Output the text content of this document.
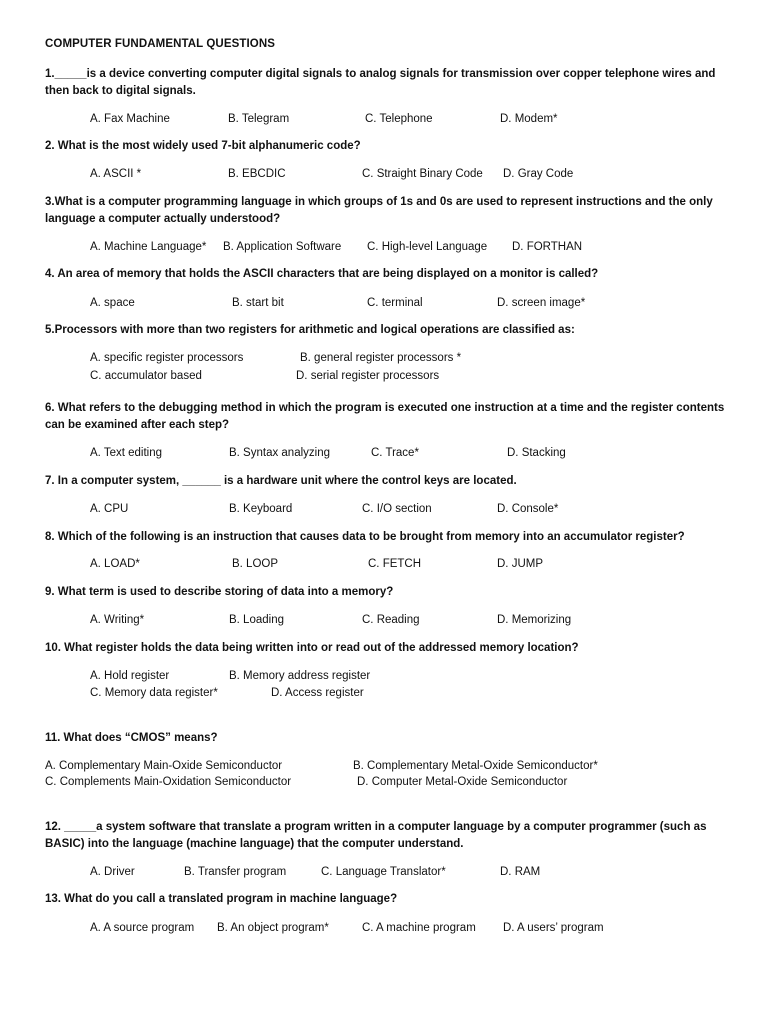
COMPUTER FUNDAMENTAL QUESTIONS
1._____is a device converting computer digital signals to analog signals for transmission over copper telephone wires and then back to digital signals.
A. Fax Machine	B. Telegram	C. Telephone	D. Modem*
2. What is the most widely used 7-bit alphanumeric code?
A. ASCII *	B. EBCDIC	C. Straight Binary Code D. Gray Code
3.What is a computer programming language in which groups of 1s and 0s are used to represent instructions and the only language a computer actually understood?
A. Machine Language* B. Application Software C. High-level Language D. FORTHAN
4. An area of memory that holds the ASCII characters that are being displayed on a monitor is called?
A. space	B. start bit	C. terminal	D. screen image*
5.Processors with more than two registers for arithmetic and logical operations are classified as:
A. specific register processors	B. general register processors *
C. accumulator based	D. serial register processors
6. What refers to the debugging method in which the program is executed one instruction at a time and the register contents can be examined after each step?
A. Text editing	B. Syntax analyzing	C. Trace*	D. Stacking
7. In a computer system, ______ is a hardware unit where the control keys are located.
A. CPU	B. Keyboard	C. I/O section	D. Console*
8. Which of the following is an instruction that causes data to be brought from memory into an accumulator register?
A. LOAD*	B. LOOP	C. FETCH	D. JUMP
9. What term is used to describe storing of data into a memory?
A. Writing*	B. Loading	C. Reading	D. Memorizing
10. What register holds the data being written into or read out of the addressed memory location?
A. Hold register	B. Memory address register
C. Memory data register*	D. Access register
11. What does “CMOS” means?
A. Complementary Main-Oxide Semiconductor	B. Complementary Metal-Oxide Semiconductor*
C. Complements Main-Oxidation Semiconductor	D. Computer Metal-Oxide Semiconductor
12. _____a system software that translate a program written in a computer language by a computer programmer (such as BASIC) into the language (machine language) that the computer understand.
A. Driver	B. Transfer program	C. Language Translator*	D. RAM
13. What do you call a translated program in machine language?
A. A source program B. An object program*	C. A machine program D. A users’ program
